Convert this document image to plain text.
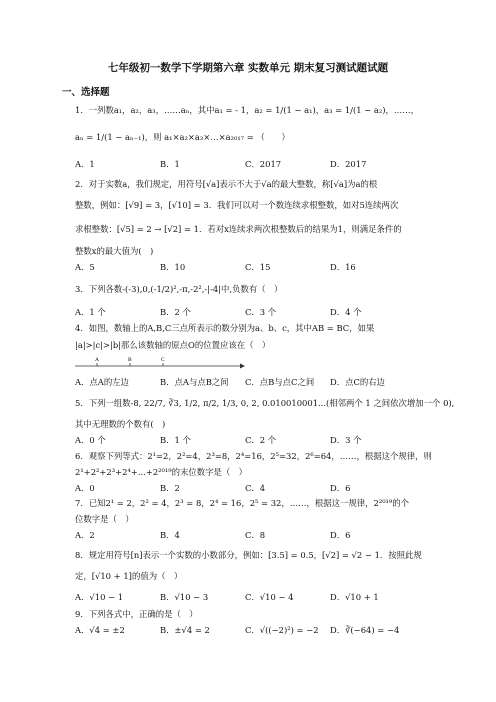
七年级初一数学下学期第六章 实数单元 期末复习测试题试题
一、选择题
1．一列数a₁，a₂，a₃，……aₙ，其中a₁ = - 1，a₂ = 1/(1 − a₁)，a₃ = 1/(1 − a₂)，……，
aₙ = 1/(1 − aₙ₋₁)，则 a₁×a₂×a₃×…×a₂₀₁₇ = （　　）
A．1	B．1	C．2017	D．2017
2．对于实数a，我们规定，用符号[√a]表示不大于√a的最大整数，称[√a]为a的根
整数，例如：[√9] = 3，[√10] = 3．我们可以对一个数连续求根整数，如对5连续两次
求根整数：[√5] = 2 → [√2] = 1．若对x连续求两次根整数后的结果为1，则满足条件的
整数x的最大值为(　)
A．5	B．10	C．15	D．16
3．下列各数-(-3),0,(-1/2)²,-π,-2²,-|-4|中,负数有（　）
A．1 个	B．2 个	C．3 个	D．4 个
4．如图，数轴上的A,B,C三点所表示的数分别为a、b、c，其中AB = BC，如果
|a|>|c|>|b|那么该数轴的原点O的位置应该在（　）
A	B	C
A．点A的左边	B．点A与点B之间 C．点B与点C之间 D．点C的右边
5．下列一组数-8, 22/7, ∛3, 1/2, π/2, 1/3, 0, 2, 0.010010001...(相邻两个 1 之间依次增加一个 0),
其中无理数的个数有(　)
A．0 个	B．1 个	C．2 个	D．3 个
6．观察下列等式：2¹=2，2²=4，2³=8，2⁴=16，2⁵=32，2⁶=64，……，根据这个规律，则
2¹+2²+2³+2⁴+...+2²⁰¹⁹的末位数字是（　）
A．0	B．2	C．4	D．6
7．已知2¹ = 2，2² = 4，2³ = 8，2⁴ = 16，2⁵ = 32，……，根据这一规律，2²⁰¹⁹的个
位数字是（　）
A．2	B．4	C．8	D．6
8．规定用符号[n]表示一个实数的小数部分，例如：[3.5] = 0.5，[√2] = √2 − 1．按照此规
定，[√10 + 1]的值为（　）
A．√10 − 1	B．√10 − 3	C．√10 − 4	D．√10 + 1
9．下列各式中，正确的是（　）
A．√4 = ±2	B．±√4 = 2	C．√((−2)²) = −2 D．∛(−64) = −4
